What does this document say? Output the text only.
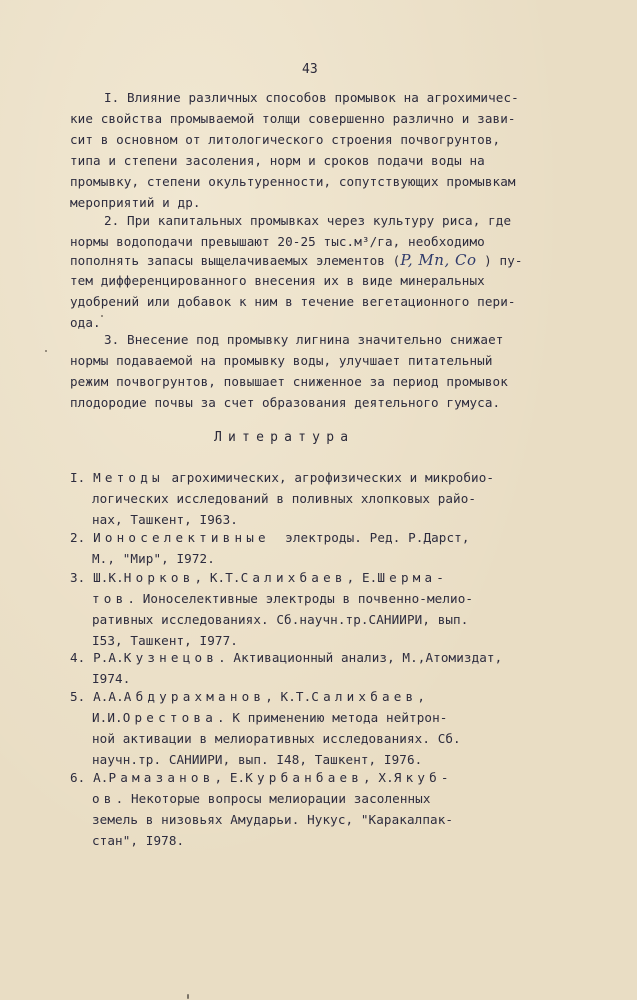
43
I. Влияние различных способов промывок на агрохимичес-
кие свойства промываемой толщи совершенно различно и зави-
сит в основном от литологического строения почвогрунтов,
типа и степени засоления, норм и сроков подачи воды на
промывку, степени окультуренности, сопутствующих промывкам
мероприятий и др.
2. При капитальных промывках через культуру риса, где
нормы водоподачи превышают 20-25 тыс.м³/га, необходимо
пополнять запасы выщелачиваемых элементов (P, Mn, Co ) пу-
тем дифференцированного внесения их в виде минеральных
удобрений или добавок к ним в течение вегетационного пери-
ода.
3. Внесение под промывку лигнина значительно снижает
нормы подаваемой на промывку воды, улучшает питательный
режим почвогрунтов, повышает сниженное за период промывок
плодородие почвы за счет образования деятельного гумуса.
Литература
I. Методы агрохимических, агрофизических и микробио-
логических исследований в поливных хлопковых райо-
нах, Ташкент, I963.
2. Ионоселективные  электроды. Ред. Р.Дарст,
М., "Мир", I972.
3. Ш.К.Норков, К.Т.Салихбаев, Е.Шерма-
тов. Ионоселективные электроды в почвенно-мелио-
ративных исследованиях. Сб.научн.тр.САНИИРИ, вып.
I53, Ташкент, I977.
4. Р.А.Кузнецов. Активационный анализ, М.,Атомиздат,
I974.
5. А.А.Абдурахманов, К.Т.Салихбаев,
И.И.Орестова. К применению метода нейтрон-
ной активации в мелиоративных исследованиях. Сб.
научн.тр. САНИИРИ, вып. I48, Ташкент, I976.
6. А.Рамазанов, Е.Курбанбаев, Х.Якуб-
ов. Некоторые вопросы мелиорации засоленных
земель в низовьях Амударьи. Нукус, "Каракалпак-
стан", I978.
